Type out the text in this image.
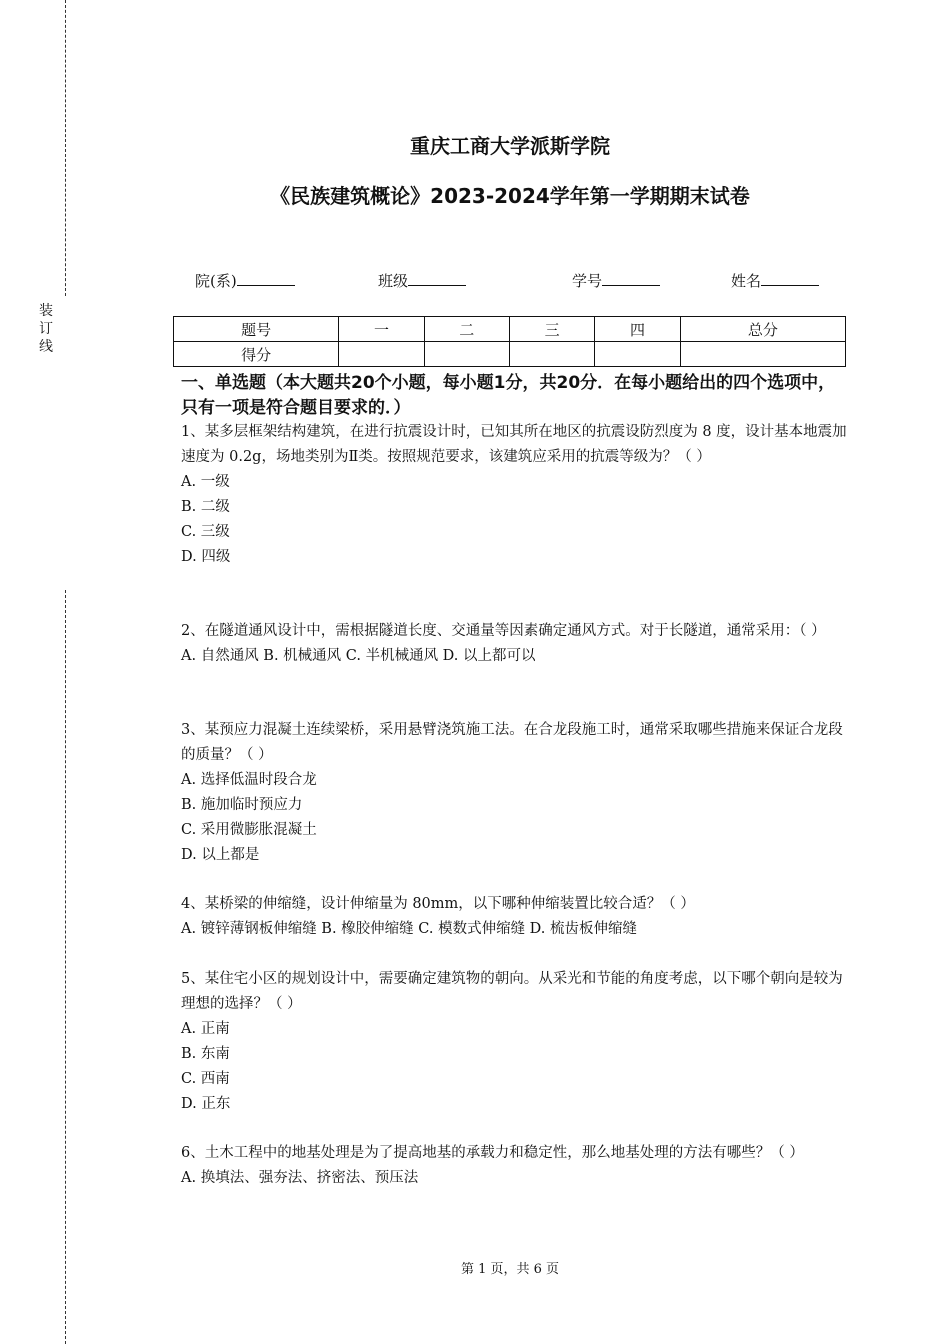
装
订
线
重庆工商大学派斯学院
《民族建筑概论》2023-2024学年第一学期期末试卷
院(系)	班级	学号	姓名
题号	一	二	三	四	总分
得分					
一、单选题（本大题共20个小题，每小题1分，共20分．在每小题给出的四个选项中，只有一项是符合题目要求的．）

1、某多层框架结构建筑，在进行抗震设计时，已知其所在地区的抗震设防烈度为 8 度，设计基本地震加速度为 0.2g，场地类别为Ⅱ类。按照规范要求，该建筑应采用的抗震等级为？（ ）

A. 一级

B. 二级

C. 三级

D. 四级

2、在隧道通风设计中，需根据隧道长度、交通量等因素确定通风方式。对于长隧道，通常采用：（ ）

A. 自然通风 B. 机械通风 C. 半机械通风 D. 以上都可以

3、某预应力混凝土连续梁桥，采用悬臂浇筑施工法。在合龙段施工时，通常采取哪些措施来保证合龙段的质量？（ ）

A. 选择低温时段合龙

B. 施加临时预应力

C. 采用微膨胀混凝土

D. 以上都是

4、某桥梁的伸缩缝，设计伸缩量为 80mm，以下哪种伸缩装置比较合适？（ ）

A. 镀锌薄钢板伸缩缝 B. 橡胶伸缩缝 C. 模数式伸缩缝 D. 梳齿板伸缩缝

5、某住宅小区的规划设计中，需要确定建筑物的朝向。从采光和节能的角度考虑，以下哪个朝向是较为理想的选择？（ ）

A. 正南

B. 东南

C. 西南

D. 正东

6、土木工程中的地基处理是为了提高地基的承载力和稳定性，那么地基处理的方法有哪些？（ ）

A. 换填法、强夯法、挤密法、预压法

第 1 页，共 6 页
